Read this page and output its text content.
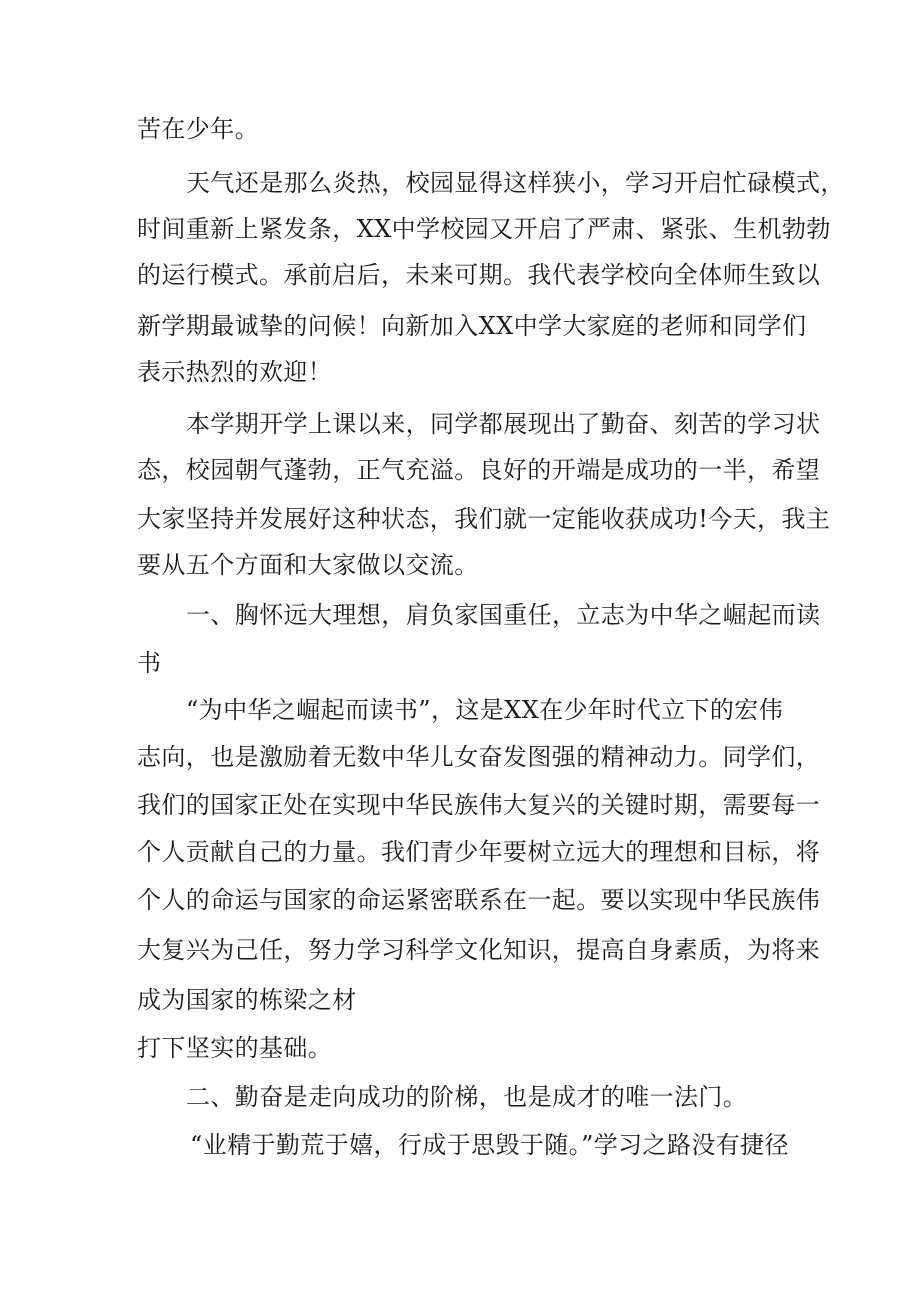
苦在少年。
天气还是那么炎热，校园显得这样狭小，学习开启忙碌模式，
时间重新上紧发条，XX中学校园又开启了严肃、紧张、生机勃勃
的运行模式。承前启后，未来可期。我代表学校向全体师生致以
新学期最诚挚的问候！向新加入XX中学大家庭的老师和同学们
表示热烈的欢迎！
本学期开学上课以来，同学都展现出了勤奋、刻苦的学习状
态，校园朝气蓬勃，正气充溢。良好的开端是成功的一半，希望
大家坚持并发展好这种状态，我们就一定能收获成功!今天，我主
要从五个方面和大家做以交流。
一、胸怀远大理想，肩负家国重任，立志为中华之崛起而读
书
“为中华之崛起而读书”，这是XX在少年时代立下的宏伟
志向，也是激励着无数中华儿女奋发图强的精神动力。同学们，
我们的国家正处在实现中华民族伟大复兴的关键时期，需要每一
个人贡献自己的力量。我们青少年要树立远大的理想和目标，将
个人的命运与国家的命运紧密联系在一起。要以实现中华民族伟
大复兴为己任，努力学习科学文化知识，提高自身素质，为将来
成为国家的栋梁之材
打下坚实的基础。
二、勤奋是走向成功的阶梯，也是成才的唯一法门。
“业精于勤荒于嬉，行成于思毁于随。”学习之路没有捷径
